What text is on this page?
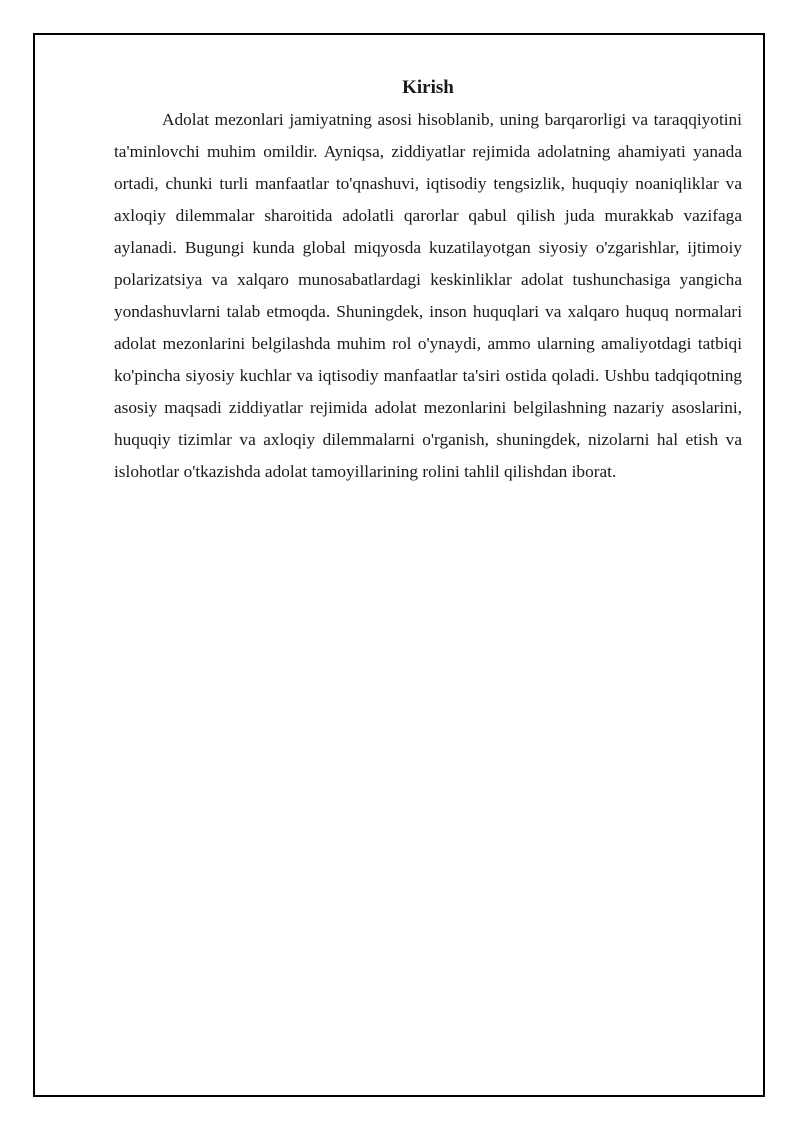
Kirish

Adolat mezonlari jamiyatning asosi hisoblanib, uning barqarorligi va taraqqiyotini ta'minlovchi muhim omildir. Ayniqsa, ziddiyatlar rejimida adolatning ahamiyati yanada ortadi, chunki turli manfaatlar to'qnashuvi, iqtisodiy tengsizlik, huquqiy noaniqliklar va axloqiy dilemmalar sharoitida adolatli qarorlar qabul qilish juda murakkab vazifaga aylanadi. Bugungi kunda global miqyosda kuzatilayotgan siyosiy o'zgarishlar, ijtimoiy polarizatsiya va xalqaro munosabatlardagi keskinliklar adolat tushunchasiga yangicha yondashuvlarni talab etmoqda. Shuningdek, inson huquqlari va xalqaro huquq normalari adolat mezonlarini belgilashda muhim rol o'ynaydi, ammo ularning amaliyotdagi tatbiqi ko'pincha siyosiy kuchlar va iqtisodiy manfaatlar ta'siri ostida qoladi. Ushbu tadqiqotning asosiy maqsadi ziddiyatlar rejimida adolat mezonlarini belgilashning nazariy asoslarini, huquqiy tizimlar va axloqiy dilemmalarni o'rganish, shuningdek, nizolarni hal etish va islohotlar o'tkazishda adolat tamoyillarining rolini tahlil qilishdan iborat.
